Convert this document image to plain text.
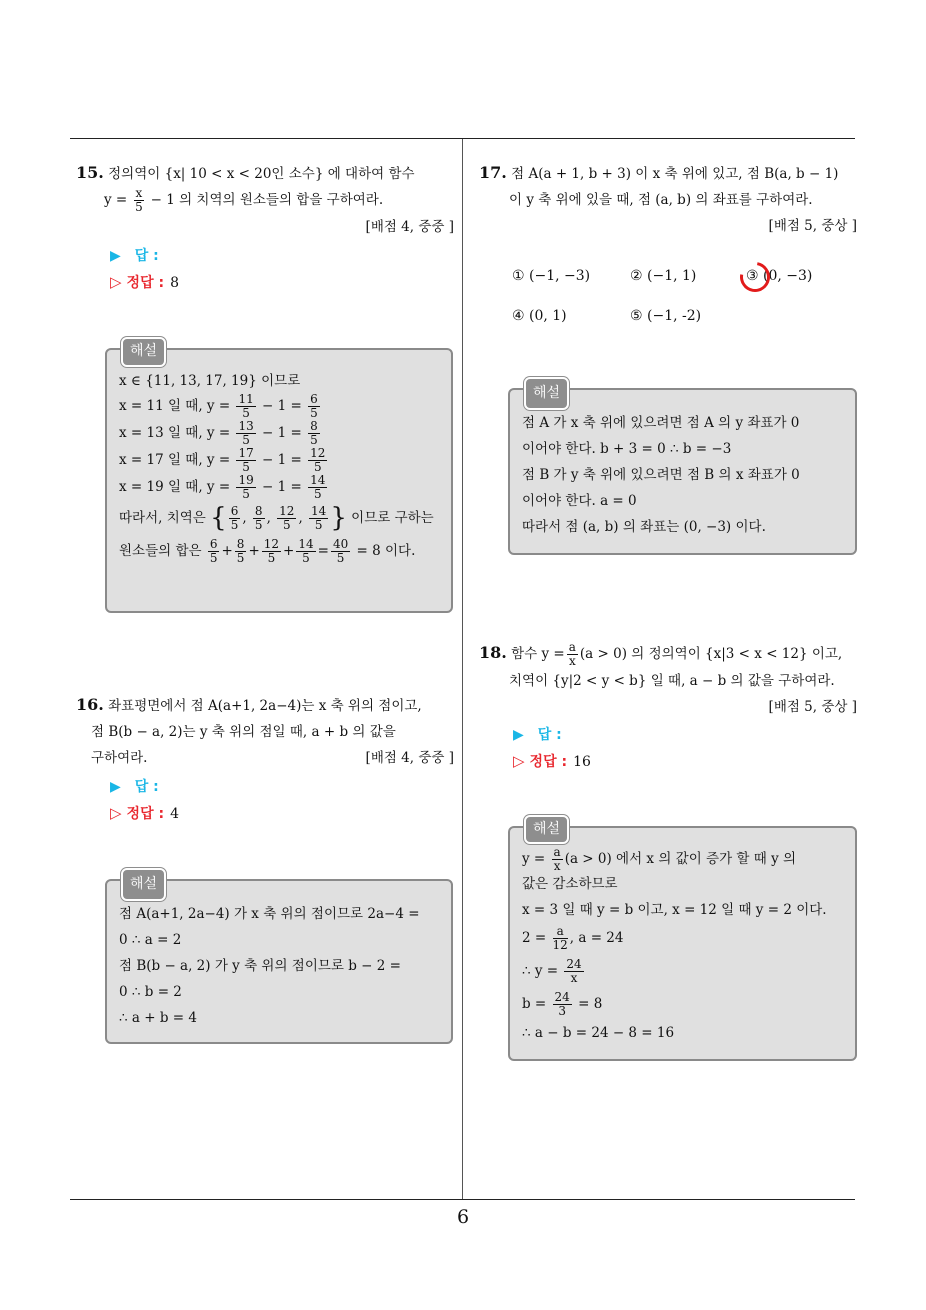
6
15. 정의역이 {x| 10 < x < 20인 소수} 에 대하여 함수
$y = \frac{x}{5} - 1$ 의 치역의 원소들의 합을 구하여라.
[배점 4, 중중 ]
▶ 답 :
▷ 정답 : 8
해설
x ∈ {11, 13, 17, 19} 이므로
x = 11 일 때, $y = \frac{11}{5} - 1 = \frac{6}{5}$
x = 13 일 때, $y = \frac{13}{5} - 1 = \frac{8}{5}$
x = 17 일 때, $y = \frac{17}{5} - 1 = \frac{12}{5}$
x = 19 일 때, $y = \frac{19}{5} - 1 = \frac{14}{5}$
따라서, 치역은 { $\frac{6}{5}$ , $\frac{8}{5}$ , $\frac{12}{5}$ , $\frac{14}{5}$ } 이므로 구하는
원소들의 합은 $\frac{6}{5} + \frac{8}{5} + \frac{12}{5} + \frac{14}{5} = \frac{40}{5} = 8$ 이다.
16. 좌표평면에서 점 A(a+1, 2a−4)는 x 축 위의 점이고,
점 B(b − a, 2)는 y 축 위의 점일 때, a + b 의 값을
구하여라.	[배점 4, 중중 ]
▶ 답 :
▷ 정답 : 4
해설
점 A(a+1, 2a−4) 가 x 축 위의 점이므로 2a−4 =
0 ∴ a = 2
점 B(b − a, 2) 가 y 축 위의 점이므로 b − 2 =
0 ∴ b = 2
∴ a + b = 4
17. 점 A(a + 1, b + 3) 이 x 축 위에 있고, 점 B(a, b − 1)
이 y 축 위에 있을 때, 점 (a, b) 의 좌표를 구하여라.
[배점 5, 중상 ]
① (−1, −3)	② (−1, 1)	③ (0, −3)
④ (0, 1)	⑤ (−1, -2)
해설
점 A 가 x 축 위에 있으려면 점 A 의 y 좌표가 0
이어야 한다. b + 3 = 0 ∴ b = −3
점 B 가 y 축 위에 있으려면 점 B 의 x 좌표가 0
이어야 한다. a = 0
따라서 점 (a, b) 의 좌표는 (0, −3) 이다.
18. 함수 $y = \frac{a}{x} (a > 0)$ 의 정의역이 {x|3 < x < 12} 이고,
치역이 {y|2 < y < b} 일 때, a − b 의 값을 구하여라.
[배점 5, 중상 ]
▶ 답 :
▷ 정답 : 16
해설
$y = \frac{a}{x} (a > 0)$ 에서 x 의 값이 증가 할 때 y 의
값은 감소하므로
x = 3 일 때 y = b 이고, x = 12 일 때 y = 2 이다.
$2 = \frac{a}{12}$ , a = 24
∴ $y = \frac{24}{x}$
$b = \frac{24}{3} = 8$
∴ a − b = 24 − 8 = 16
